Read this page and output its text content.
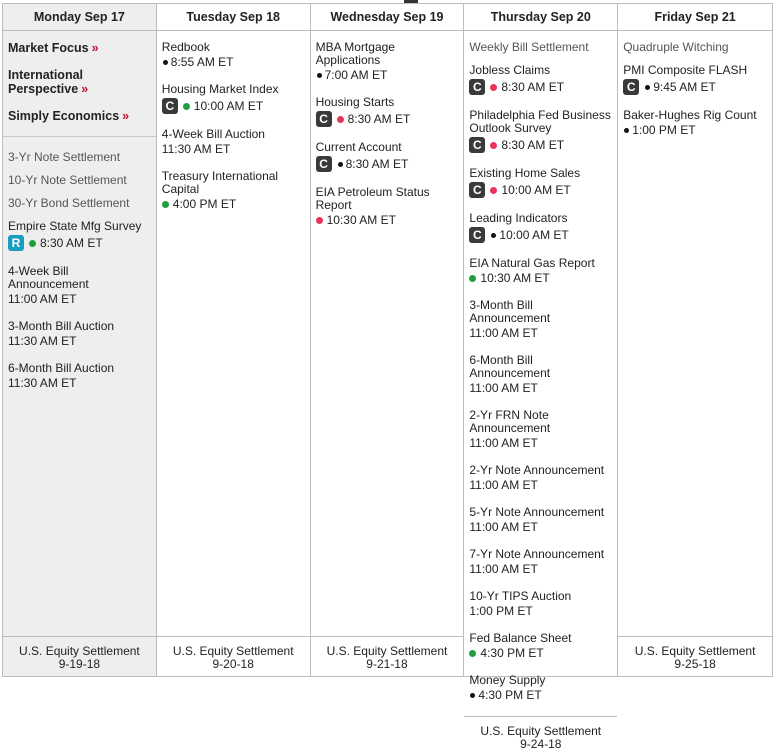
Monday Sep 17
Market Focus »
International Perspective »
Simply Economics »
3-Yr Note Settlement
10-Yr Note Settlement
30-Yr Bond Settlement
Empire State Mfg Survey
R	8:30 AM ET
4-Week Bill Announcement
11:00 AM ET
3-Month Bill Auction
11:30 AM ET
6-Month Bill Auction
11:30 AM ET
U.S. Equity Settlement
9-19-18
Tuesday Sep 18
Redbook
8:55 AM ET
Housing Market Index
C	10:00 AM ET
4-Week Bill Auction
11:30 AM ET
Treasury International Capital
4:00 PM ET
U.S. Equity Settlement
9-20-18
Wednesday Sep 19
MBA Mortgage Applications
7:00 AM ET
Housing Starts
C	8:30 AM ET
Current Account
C	8:30 AM ET
EIA Petroleum Status Report
10:30 AM ET
U.S. Equity Settlement
9-21-18
Thursday Sep 20
Weekly Bill Settlement
Jobless Claims
C	8:30 AM ET
Philadelphia Fed Business Outlook Survey
C	8:30 AM ET
Existing Home Sales
C	10:00 AM ET
Leading Indicators
C	10:00 AM ET
EIA Natural Gas Report
10:30 AM ET
3-Month Bill Announcement
11:00 AM ET
6-Month Bill Announcement
11:00 AM ET
2-Yr FRN Note Announcement
11:00 AM ET
2-Yr Note Announcement
11:00 AM ET
5-Yr Note Announcement
11:00 AM ET
7-Yr Note Announcement
11:00 AM ET
10-Yr TIPS Auction
1:00 PM ET
Fed Balance Sheet
4:30 PM ET
Money Supply
4:30 PM ET
U.S. Equity Settlement
9-24-18
Friday Sep 21
Quadruple Witching
PMI Composite FLASH
C	9:45 AM ET
Baker-Hughes Rig Count
1:00 PM ET
U.S. Equity Settlement
9-25-18
